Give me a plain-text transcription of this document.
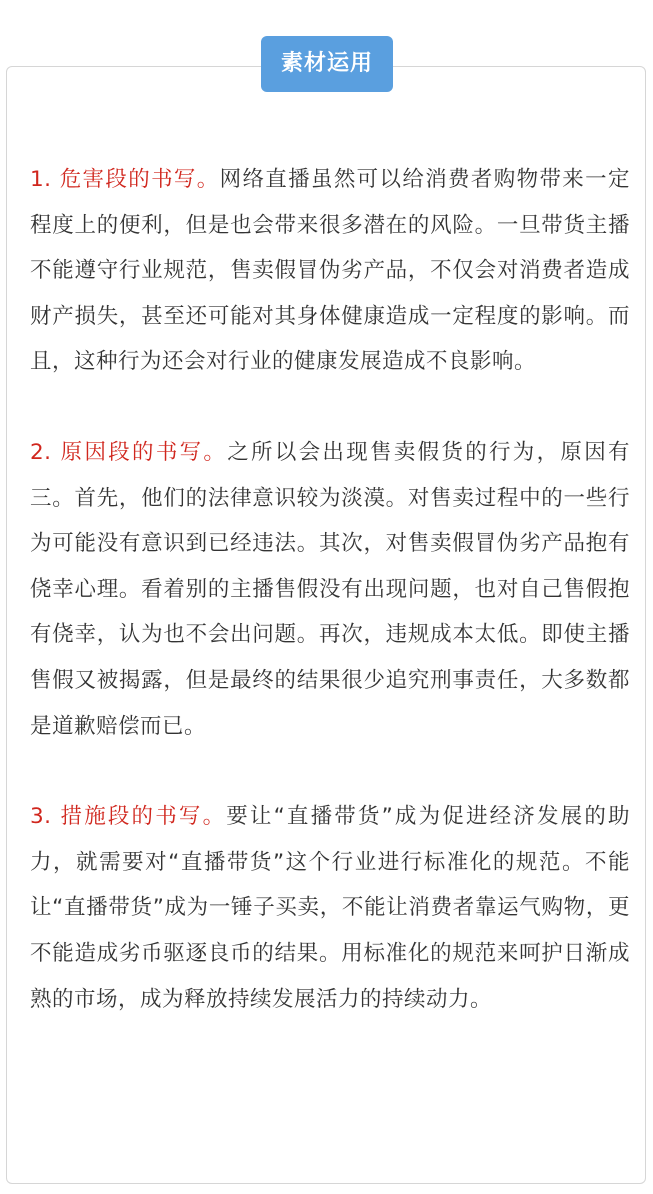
素材运用

1. 危害段的书写。网络直播虽然可以给消费者购物带来一定程度上的便利，但是也会带来很多潜在的风险。一旦带货主播不能遵守行业规范，售卖假冒伪劣产品，不仅会对消费者造成财产损失，甚至还可能对其身体健康造成一定程度的影响。而且，这种行为还会对行业的健康发展造成不良影响。

2. 原因段的书写。之所以会出现售卖假货的行为，原因有三。首先，他们的法律意识较为淡漠。对售卖过程中的一些行为可能没有意识到已经违法。其次，对售卖假冒伪劣产品抱有侥幸心理。看着别的主播售假没有出现问题，也对自己售假抱有侥幸，认为也不会出问题。再次，违规成本太低。即使主播售假又被揭露，但是最终的结果很少追究刑事责任，大多数都是道歉赔偿而已。

3. 措施段的书写。要让“直播带货”成为促进经济发展的助力，就需要对“直播带货”这个行业进行标准化的规范。不能让“直播带货”成为一锤子买卖，不能让消费者靠运气购物，更不能造成劣币驱逐良币的结果。用标准化的规范来呵护日渐成熟的市场，成为释放持续发展活力的持续动力。
